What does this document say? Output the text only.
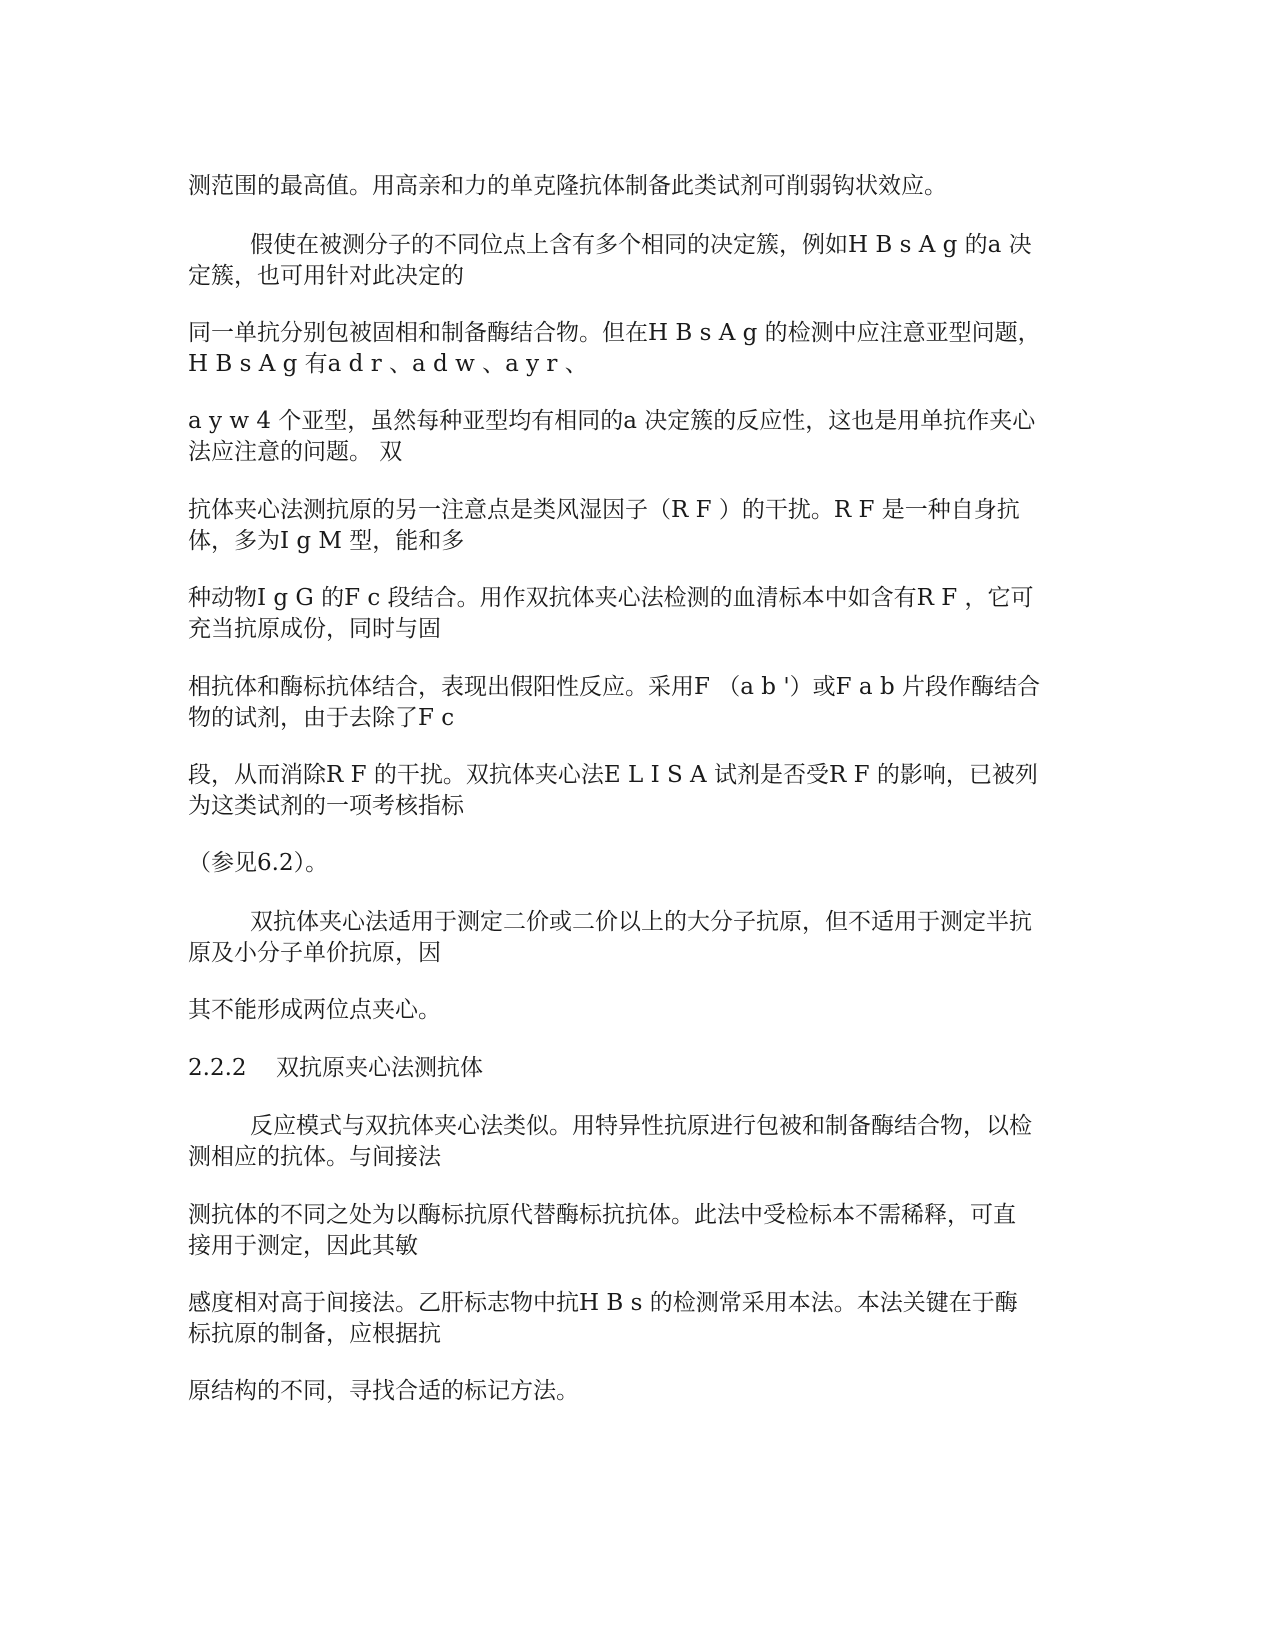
测范围的最高值。用高亲和力的单克隆抗体制备此类试剂可削弱钩状效应。
假使在被测分子的不同位点上含有多个相同的决定簇，例如H B s A g 的a 决
定簇，也可用针对此决定的
同一单抗分别包被固相和制备酶结合物。但在H B s A g 的检测中应注意亚型问题，
H B s A g 有a d r 、a d w 、a y r 、
a y w 4 个亚型，虽然每种亚型均有相同的a 决定簇的反应性，这也是用单抗作夹心
法应注意的问题。 双
抗体夹心法测抗原的另一注意点是类风湿因子（R F ）的干扰。R F 是一种自身抗
体，多为I g M 型，能和多
种动物I g G 的F c 段结合。用作双抗体夹心法检测的血清标本中如含有R F ，它可
充当抗原成份，同时与固
相抗体和酶标抗体结合，表现出假阳性反应。采用F （a b '）或F a b 片段作酶结合
物的试剂，由于去除了F c
段，从而消除R F 的干扰。双抗体夹心法E L I S A 试剂是否受R F 的影响，已被列
为这类试剂的一项考核指标
（参见6.2）。
双抗体夹心法适用于测定二价或二价以上的大分子抗原，但不适用于测定半抗
原及小分子单价抗原，因
其不能形成两位点夹心。
2.2.2 双抗原夹心法测抗体
反应模式与双抗体夹心法类似。用特异性抗原进行包被和制备酶结合物，以检
测相应的抗体。与间接法
测抗体的不同之处为以酶标抗原代替酶标抗抗体。此法中受检标本不需稀释，可直
接用于测定，因此其敏
感度相对高于间接法。乙肝标志物中抗H B s 的检测常采用本法。本法关键在于酶
标抗原的制备，应根据抗
原结构的不同，寻找合适的标记方法。
